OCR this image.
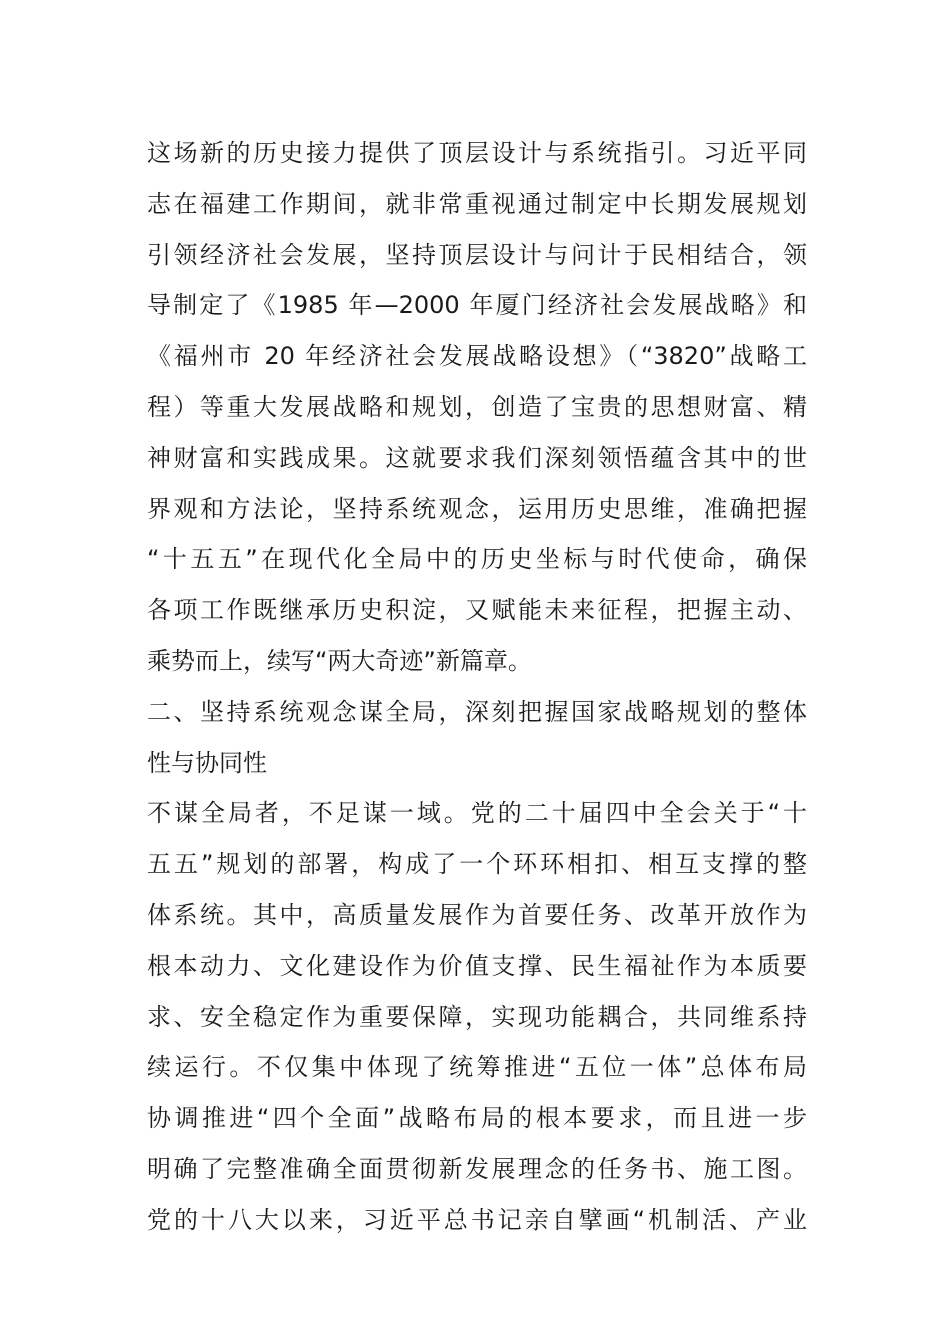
这场新的历史接力提供了顶层设计与系统指引。习近平同
志在福建工作期间，就非常重视通过制定中长期发展规划
引领经济社会发展，坚持顶层设计与问计于民相结合，领
导制定了《1985 年—2000 年厦门经济社会发展战略》和
《福州市 20 年经济社会发展战略设想》（“3820”战略工
程）等重大发展战略和规划，创造了宝贵的思想财富、精
神财富和实践成果。这就要求我们深刻领悟蕴含其中的世
界观和方法论，坚持系统观念，运用历史思维，准确把握
“十五五”在现代化全局中的历史坐标与时代使命，确保
各项工作既继承历史积淀，又赋能未来征程，把握主动、
乘势而上，续写“两大奇迹”新篇章。
二、坚持系统观念谋全局，深刻把握国家战略规划的整体
性与协同性
不谋全局者，不足谋一域。党的二十届四中全会关于“十
五五”规划的部署，构成了一个环环相扣、相互支撑的整
体系统。其中，高质量发展作为首要任务、改革开放作为
根本动力、文化建设作为价值支撑、民生福祉作为本质要
求、安全稳定作为重要保障，实现功能耦合，共同维系持
续运行。不仅集中体现了统筹推进“五位一体”总体布局
协调推进“四个全面”战略布局的根本要求，而且进一步
明确了完整准确全面贯彻新发展理念的任务书、施工图。
党的十八大以来，习近平总书记亲自擘画“机制活、产业
